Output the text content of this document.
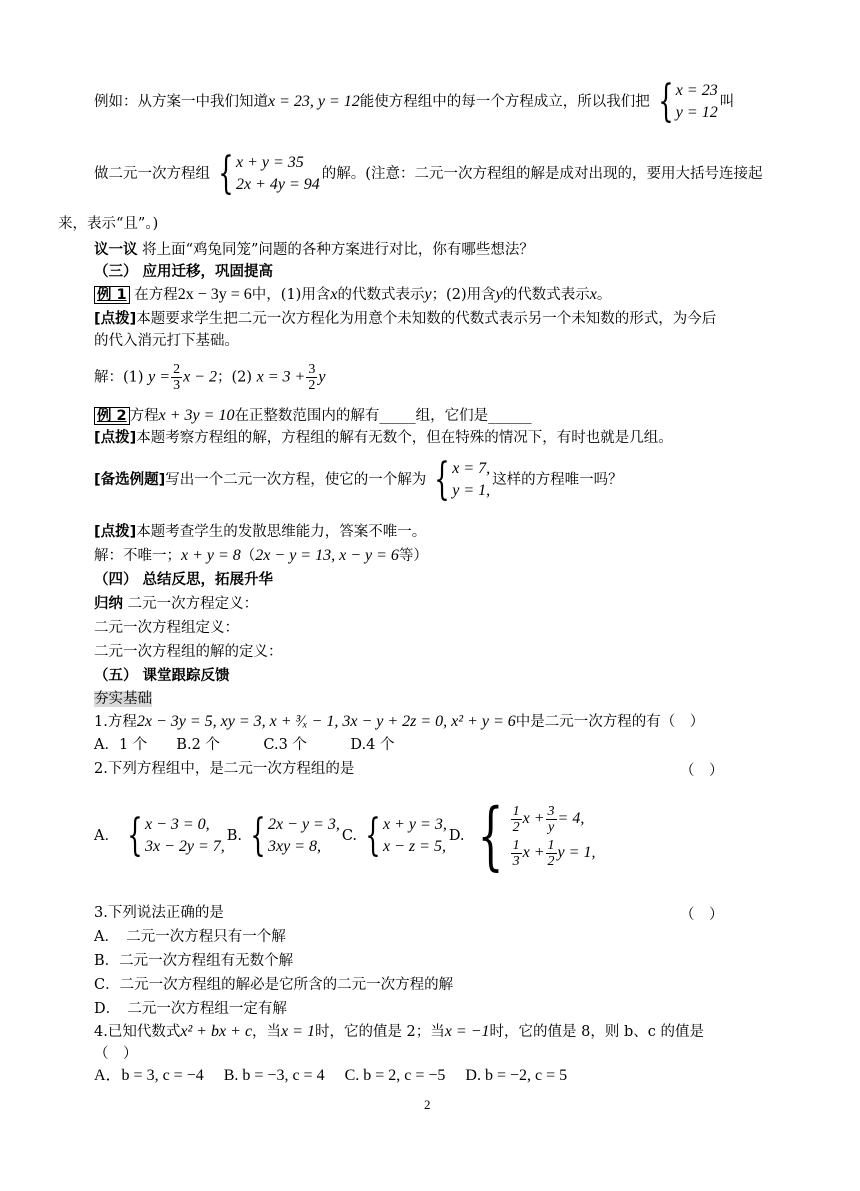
例如：从方案一中我们知道x = 23, y = 12能使方程组中的每一个方程成立，所以我们把 { x = 23
y = 12
叫
做二元一次方程组 { x + y = 35
2x + 4y = 94
的解。(注意：二元一次方程组的解是成对出现的，要用大括号连接起
来，表示“且”。)
议一议 将上面“鸡兔同笼”问题的各种方案进行对比，你有哪些想法？
（三） 应用迁移，巩固提高
例 1 在方程2x − 3y = 6中，(1)用含x的代数式表示y；(2)用含y的代数式表示x。
[点拨]本题要求学生把二元一次方程化为用意个未知数的代数式表示另一个未知数的形式，为今后
的代入消元打下基础。
解：(1) $y = \frac{2}{3}$ x − 2；(2) $x = 3 + \frac{3}{2}$ y
例 2 方程x + 3y = 10在正整数范围内的解有_____组，它们是______
[点拨]本题考察方程组的解，方程组的解有无数个，但在特殊的情况下，有时也就是几组。
[备选例题]写出一个二元一次方程，使它的一个解为 { x = 7,
y = 1,
这样的方程唯一吗？
[点拨]本题考查学生的发散思维能力，答案不唯一。
解：不唯一；x + y = 8（2x − y = 13, x − y = 6等）
（四） 总结反思，拓展升华
归纳 二元一次方程定义：
二元一次方程组定义：
二元一次方程组的解的定义：
（五） 课堂跟踪反馈
夯实基础
1.方程2x − 3y = 5, xy = 3, x + ³⁄ₓ − 1, 3x − y + 2z = 0, x² + y = 6中是二元一次方程的有（　）
A．1 个　　B.2 个　　　C.3 个　　　D.4 个
2.下列方程组中，是二元一次方程组的是	（　）
A． { x − 3 = 0,
3x − 2y = 7,
B. { 2x − y = 3,
3xy = 8,
C. { x + y = 3,
x − z = 5,
D. { $\frac{1}{2}$ $x + \frac{3}{y} = 4$,
$\frac{1}{3}$ $x + \frac{1}{2}$ y = 1,
3.下列说法正确的是	（　）
A．　二元一次方程只有一个解
B．二元一次方程组有无数个解
C．二元一次方程组的解必是它所含的二元一次方程的解
D．　二元一次方程组一定有解
4.已知代数式x² + bx + c，当x = 1时，它的值是 2；当x = −1时，它的值是 8，则 b、c 的值是
（　）
A．b = 3, c = −4　 B. b = −3, c = 4　 C. b = 2, c = −5　 D. b = −2, c = 5
2
